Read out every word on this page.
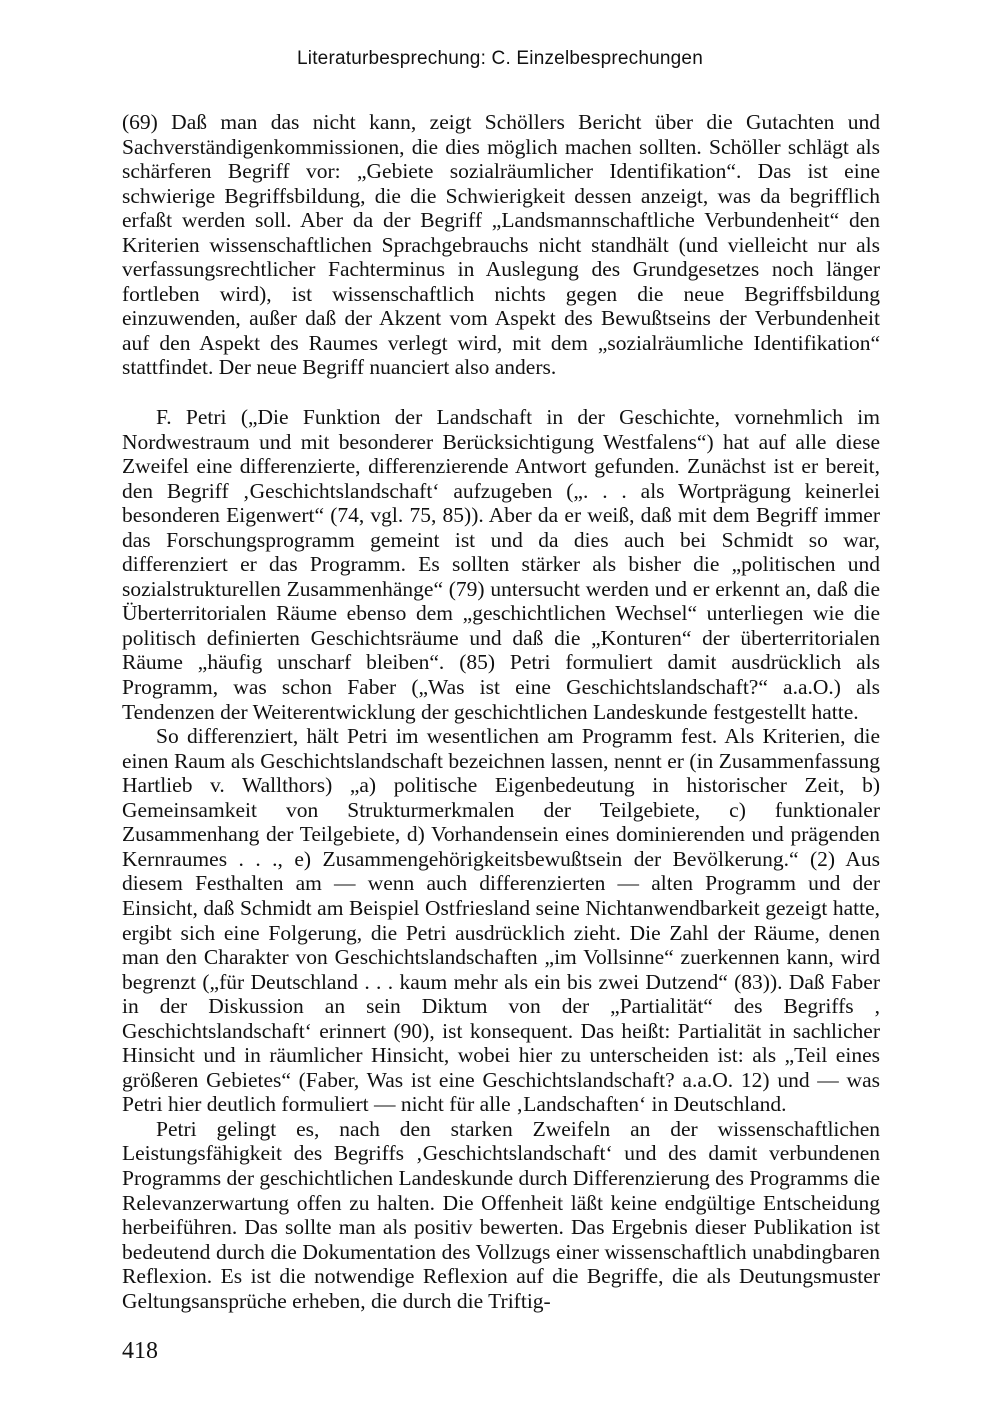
Literaturbesprechung: C. Einzelbesprechungen

(69) Daß man das nicht kann, zeigt Schöllers Bericht über die Gutachten und Sachverständigenkommissionen, die dies möglich machen sollten. Schöller schlägt als schärferen Begriff vor: „Gebiete sozialräumlicher Identifikation“. Das ist eine schwierige Begriffsbildung, die die Schwierigkeit dessen anzeigt, was da begrifflich erfaßt werden soll. Aber da der Begriff „Landsmannschaftliche Verbundenheit“ den Kriterien wissenschaftlichen Sprachgebrauchs nicht standhält (und vielleicht nur als verfassungsrechtlicher Fachterminus in Auslegung des Grundgesetzes noch länger fortleben wird), ist wissenschaftlich nichts gegen die neue Begriffsbildung einzuwenden, außer daß der Akzent vom Aspekt des Bewußtseins der Verbundenheit auf den Aspekt des Raumes verlegt wird, mit dem „sozialräumliche Identifikation“ stattfindet. Der neue Begriff nuanciert also anders.

F. Petri („Die Funktion der Landschaft in der Geschichte, vornehmlich im Nordwestraum und mit besonderer Berücksichtigung Westfalens“) hat auf alle diese Zweifel eine differenzierte, differenzierende Antwort gefunden. Zunächst ist er bereit, den Begriff ‚Geschichtslandschaft‘ aufzugeben („. . . als Wortprägung keinerlei besonderen Eigenwert“ (74, vgl. 75, 85)). Aber da er weiß, daß mit dem Begriff immer das Forschungsprogramm gemeint ist und da dies auch bei Schmidt so war, differenziert er das Programm. Es sollten stärker als bisher die „politischen und sozialstrukturellen Zusammenhänge“ (79) untersucht werden und er erkennt an, daß die Überterritorialen Räume ebenso dem „geschichtlichen Wechsel“ unterliegen wie die politisch definierten Geschichtsräume und daß die „Konturen“ der überterritorialen Räume „häufig unscharf bleiben“. (85) Petri formuliert damit ausdrücklich als Programm, was schon Faber („Was ist eine Geschichtslandschaft?“ a.a.O.) als Tendenzen der Weiterentwicklung der geschichtlichen Landeskunde festgestellt hatte.

So differenziert, hält Petri im wesentlichen am Programm fest. Als Kriterien, die einen Raum als Geschichtslandschaft bezeichnen lassen, nennt er (in Zusammenfassung Hartlieb v. Wallthors) „a) politische Eigenbedeutung in historischer Zeit, b) Gemeinsamkeit von Strukturmerkmalen der Teilgebiete, c) funktionaler Zusammenhang der Teilgebiete, d) Vorhandensein eines dominierenden und prägenden Kernraumes . . ., e) Zusammengehörigkeitsbewußtsein der Bevölkerung.“ (2) Aus diesem Festhalten am — wenn auch differenzierten — alten Programm und der Einsicht, daß Schmidt am Beispiel Ostfriesland seine Nichtanwendbarkeit gezeigt hatte, ergibt sich eine Folgerung, die Petri ausdrücklich zieht. Die Zahl der Räume, denen man den Charakter von Geschichtslandschaften „im Vollsinne“ zuerkennen kann, wird begrenzt („für Deutschland . . . kaum mehr als ein bis zwei Dutzend“ (83)). Daß Faber in der Diskussion an sein Diktum von der „Partialität“ des Begriffs , Geschichtslandschaft‘ erinnert (90), ist konsequent. Das heißt: Partialität in sachlicher Hinsicht und in räumlicher Hinsicht, wobei hier zu unterscheiden ist: als „Teil eines größeren Gebietes“ (Faber, Was ist eine Geschichtslandschaft? a.a.O. 12) und — was Petri hier deutlich formuliert — nicht für alle ‚Landschaften‘ in Deutschland.

Petri gelingt es, nach den starken Zweifeln an der wissenschaftlichen Leistungsfähigkeit des Begriffs ‚Geschichtslandschaft‘ und des damit verbundenen Programms der geschichtlichen Landeskunde durch Differenzierung des Programms die Relevanzerwartung offen zu halten. Die Offenheit läßt keine endgültige Entscheidung herbeiführen. Das sollte man als positiv bewerten. Das Ergebnis dieser Publikation ist bedeutend durch die Dokumentation des Vollzugs einer wissenschaftlich unabdingbaren Reflexion. Es ist die notwendige Reflexion auf die Begriffe, die als Deutungsmuster Geltungsansprüche erheben, die durch die Triftig-

418
